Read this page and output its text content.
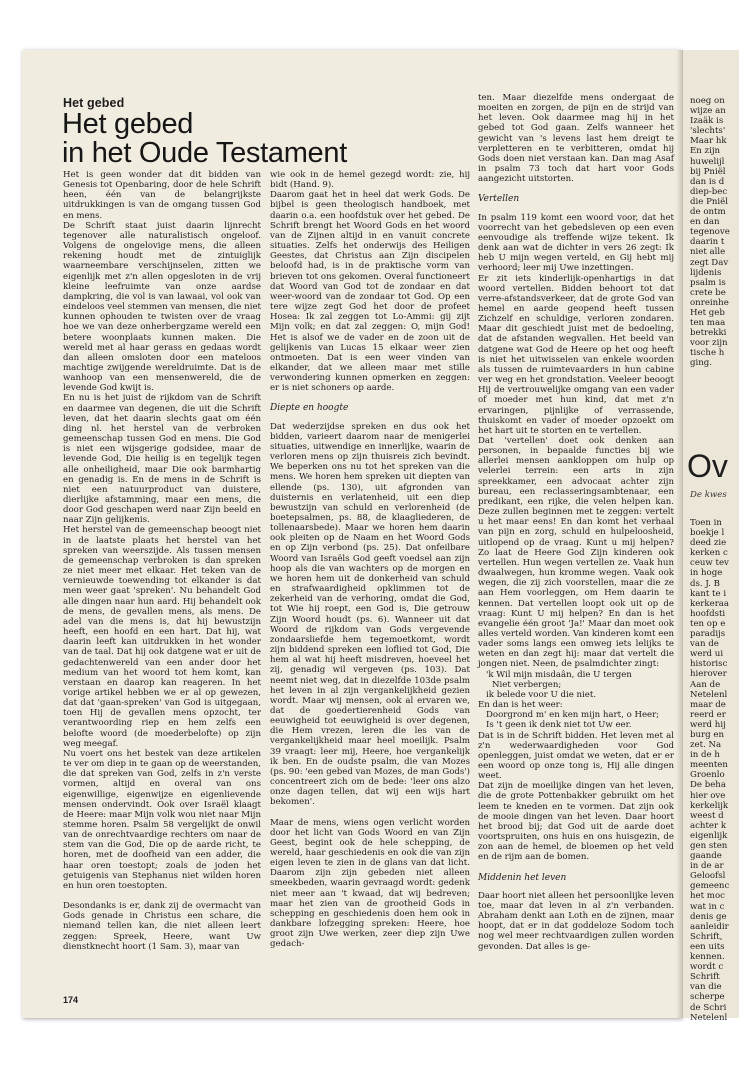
Het gebed
Het gebed
in het Oude Testament

Het is geen wonder dat dit bidden van Genesis tot Openbaring, door de hele Schrift heen, één van de belangrijkste uitdrukkingen is van de omgang tussen God en mens.

De Schrift staat juist daarin lijnrecht tegenover alle naturalistisch ongeloof. Volgens de ongelovige mens, die alleen rekening houdt met de zintuiglijk waarneembare verschijnselen, zitten we eigenlijk met z'n allen opgesloten in de vrij kleine leefruimte van onze aardse dampkring, die vol is van lawaai, vol ook van eindeloos veel stemmen van mensen, die niet kunnen ophouden te twisten over de vraag hoe we van deze onherbergzame wereld een betere woonplaats kunnen maken. Die wereld met al haar gerass en gedaas wordt dan alleen omsloten door een mateloos machtige zwijgende wereldruimte. Dat is de wanhoop van een mensenwereld, die de levende God kwijt is.

En nu is het juist de rijkdom van de Schrift en daarmee van degenen, die uit die Schrift leven, dat het daarin slechts gaat om één ding nl. het herstel van de verbroken gemeenschap tussen God en mens. Die God is niet een wijsgerige godsidee, maar de levende God, Die heilig is en tegelijk tegen alle onheiligheid, maar Die ook barmhartig en genadig is. En de mens in de Schrift is niet een natuurproduct van duistere, dierlijke afstamming, maar een mens, die door God geschapen werd naar Zijn beeld en naar Zijn gelijkenis.

Het herstel van de gemeenschap beoogt niet in de laatste plaats het herstel van het spreken van weerszijde. Als tussen mensen de gemeenschap verbroken is dan spreken ze niet meer met elkaar. Het teken van de vernieuwde toewending tot elkander is dat men weer gaat 'spreken'. Nu behandelt God alle dingen naar hun aard. Hij behandelt ook de mens, de gevallen mens, als mens. De adel van die mens is, dat hij bewustzijn heeft, een hoofd en een hart. Dat hij, wat daarin leeft kan uitdrukken in het wonder van de taal. Dat hij ook datgene wat er uit de gedachtenwereld van een ander door het medium van het woord tot hem komt, kan verstaan en daarop kan reageren. In het vorige artikel hebben we er al op gewezen, dat dat 'gaan-spreken' van God is uitgegaan, toen Hij de gevallen mens opzocht, ter verantwoording riep en hem zelfs een belofte woord (de moederbelofte) op zijn weg meegaf.

Nu voert ons het bestek van deze artikelen te ver om diep in te gaan op de weerstanden, die dat spreken van God, zelfs in z'n verste vormen, altijd en overal van ons eigenwillige, eigenwijze en eigenlievende mensen ondervindt. Ook over Israël klaagt de Heere: maar Mijn volk wou niet naar Mijn stemme horen. Psalm 58 vergelijkt de onwil van de onrechtvaardige rechters om naar de stem van die God, Die op de aarde richt, te horen, met de doofheid van een adder, die haar oren toestopt; zoals de joden het getuigenis van Stephanus niet wilden horen en hun oren toestopten.

Desondanks is er, dank zij de overmacht van Gods genade in Christus een schare, die niemand tellen kan, die niet alleen leert zeggen: Spreek, Heere, want Uw dienstknecht hoort (1 Sam. 3), maar van

wie ook in de hemel gezegd wordt: zie, hij bidt (Hand. 9).

Daarom gaat het in heel dat werk Gods. De bijbel is geen theologisch handboek, met daarin o.a. een hoofdstuk over het gebed. De Schrift brengt het Woord Gods en het woord van de Zijnen altijd in en vanuit concrete situaties. Zelfs het onderwijs des Heiligen Geestes, dat Christus aan Zijn discipelen beloofd had, is in de praktische vorm van brieven tot ons gekomen. Overal functioneert dat Woord van God tot de zondaar en dat weer-woord van de zondaar tot God. Op een tere wijze zegt God het door de profeet Hosea: Ik zal zeggen tot Lo-Ammi: gij zijt Mijn volk; en dat zal zeggen: O, mijn God! Het is alsof we de vader en de zoon uit de gelijkenis van Lucas 15 elkaar weer zien ontmoeten. Dat is een weer vinden van elkander, dat we alleen maar met stille verwondering kunnen opmerken en zeggen: er is niet schoners op aarde.

Diepte en hoogte

Dat wederzijdse spreken en dus ook het bidden, varieert daarom naar de menigerlei situaties, uitwendige en innerlijke, waarin de verloren mens op zijn thuisreis zich bevindt. We beperken ons nu tot het spreken van die mens. We horen hem spreken uit diepten van ellende (ps. 130), uit afgronden van duisternis en verlatenheid, uit een diep bewustzijn van schuld en verlorenheid (de boetepsalmen, ps. 88, de klaagliederen, de tollenaarsbede). Maar we horen hem daarin ook pleiten op de Naam en het Woord Gods en op Zijn verbond (ps. 25). Dat onfeilbare Woord van Israëls God geeft voedsel aan zijn hoop als die van wachters op de morgen en we horen hem uit de donkerheid van schuld en strafwaardigheid opklimmen tot de zekerheid van de verhoring, omdat die God, tot Wie hij roept, een God is, Die getrouw Zijn Woord houdt (ps. 6). Wanneer uit dat Woord de rijkdom van Gods vergevende zondaarsliefde hem tegemoetkomt, wordt zijn biddend spreken een loflied tot God, Die hem al wat hij heeft misdreven, hoeveel het zij, genadig wil vergeven (ps. 103). Dat neemt niet weg, dat in diezelfde 103de psalm het leven in al zijn vergankelijkheid gezien wordt. Maar wij mensen, ook al ervaren we, dat de goedertierenheid Gods van eeuwigheid tot eeuwigheid is over degenen, die Hem vrezen, leren die les van de vergankelijkheid maar heel moeilijk. Psalm 39 vraagt: leer mij, Heere, hoe vergankelijk ik ben. En de oudste psalm, die van Mozes (ps. 90: 'een gebed van Mozes, de man Gods') concentreert zich om de bede: 'leer ons alzo onze dagen tellen, dat wij een wijs hart bekomen'.

Maar de mens, wiens ogen verlicht worden door het licht van Gods Woord en van Zijn Geest, begint ook de hele schepping, de wereld, haar geschiedenis en ook die van zijn eigen leven te zien in de glans van dat licht. Daarom zijn zijn gebeden niet alleen smeekbeden, waarin gevraagd wordt: gedenk niet meer aan 't kwaad, dat wij bedreven; maar het zien van de grootheid Gods in schepping en geschiedenis doen hem ook in dankbare lofzegging spreken: Heere, hoe groot zijn Uwe werken, zeer diep zijn Uwe gedach-

ten. Maar diezelfde mens ondergaat de moeiten en zorgen, de pijn en de strijd van het leven. Ook daarmee mag hij in het gebed tot God gaan. Zelfs wanneer het gewicht van 's levens last hem dreigt te verpletteren en te verbitteren, omdat hij Gods doen niet verstaan kan. Dan mag Asaf in psalm 73 toch dat hart voor Gods aangezicht uitstorten.

Vertellen

In psalm 119 komt een woord voor, dat het voorrecht van het gebedsleven op een even eenvoudige als treffende wijze tekent. Ik denk aan wat de dichter in vers 26 zegt: Ik heb U mijn wegen verteld, en Gij hebt mij verhoord; leer mij Uwe inzettingen.

Er zit iets kinderlijk-openhartigs in dat woord vertellen. Bidden behoort tot dat verre-afstandsverkeer, dat de grote God van hemel en aarde geopend heeft tussen Zichzelf en schuldige, verloren zondaren. Maar dit geschiedt juist met de bedoeling, dat de afstanden wegvallen. Het beeld van datgene wat God de Heere op het oog heeft is niet het uitwisselen van enkele woorden als tussen de ruimtevaarders in hun cabine ver weg en het grondstation. Veeleer beoogt Hij de vertrouwelijke omgang van een vader of moeder met hun kind, dat met z'n ervaringen, pijnlijke of verrassende, thuiskomt en vader of moeder opzoekt om het hart uit te storten en te vertellen.

Dat 'vertellen' doet ook denken aan personen, in bepaalde functies bij wie allerlei mensen aankloppen om hulp op velerlei terrein: een arts in zijn spreekkamer, een advocaat achter zijn bureau, een reclasseringsambtenaar, een predikant, een rijke, die velen helpen kan. Deze zullen beginnen met te zeggen: vertelt u het maar eens! En dan komt het verhaal van pijn en zorg, schuld en hulpeloosheid, uitlopend op de vraag. Kunt u mij helpen? Zo laat de Heere God Zijn kinderen ook vertellen. Hun wegen vertellen ze. Vaak hun dwaalwegen, hun kromme wegen. Vaak ook wegen, die zij zich voorstellen, maar die ze aan Hem voorleggen, om Hem daarin te kennen. Dat vertellen loopt ook uit op de vraag: Kunt U mij helpen? En dan is het evangelie één groot 'Ja!' Maar dan moet ook alles verteld worden. Van kinderen komt een vader soms langs een omweg iets lelijks te weten en dan zegt hij: maar dat vertelt die jongen niet. Neen, de psalmdichter zingt:

'k Wil mijn misdaân, die U tergen
Niet verbergen;
ik belede voor U die niet.

En dan is het weer:

Doorgrond m' en ken mijn hart, o Heer;
Is 't geen ik denk niet tot Uw eer.

Dat is in de Schrift bidden. Het leven met al z'n wederwaardigheden voor God openleggen, juist omdat we weten, dat er er een woord op onze tong is, Hij alle dingen weet.

Dat zijn de moeilijke dingen van het leven, die de grote Pottenbakker gebruikt om het leem te kneden en te vormen. Dat zijn ook de mooie dingen van het leven. Daar hoort het brood bij; dat God uit de aarde doet voortspruiten, ons huis en ons huisgezin, de zon aan de hemel, de bloemen op het veld en de rijm aan de bomen.

Middenin het leven

Daar hoort niet alleen het persoonlijke leven toe, maar dat leven in al z'n verbanden. Abraham denkt aan Loth en de zijnen, maar hoopt, dat er in dat goddeloze Sodom toch nog wel meer rechtvaardigen zullen worden gevonden. Dat alles is ge-

174
noeg on
wijze an
Izaäk is
'slechts'
Maar hk
En zijn
huwelijl
bij Pniël
dan is d
diep-bec
die Pniël
de ontm
en dan
tegenove
daarin t
niet alle
zegt Dav
lijdenis
psalm is
crete be
onreinhe
Het geb
ten maa
betrekki
voor zijn
tische h
ging.
Ov
De kwes
Toen in
boekje l
deed zie
kerken c
ceuw tev
in hoge
ds. J. B
kant te i
kerkeraa
hoofdsti
ten op e
paradijs
van de
werd ui
historisc
hierover
Aan de
Netelenl
maar de
reerd er
werd hij
burg en
zet. Na
in de h
meenten
Groenlo
De beha
hier ove
kerkelijk
weest d
achter k
eigenlijk
gen sten
gaande
in de ar
Geloofsl
gemeenc
het moc
wat in c
denis ge
aanleidir
Schrift,
een uits
kennen.
wordt c
Schrift
van die
scherpe
de Schri
Netelenl
